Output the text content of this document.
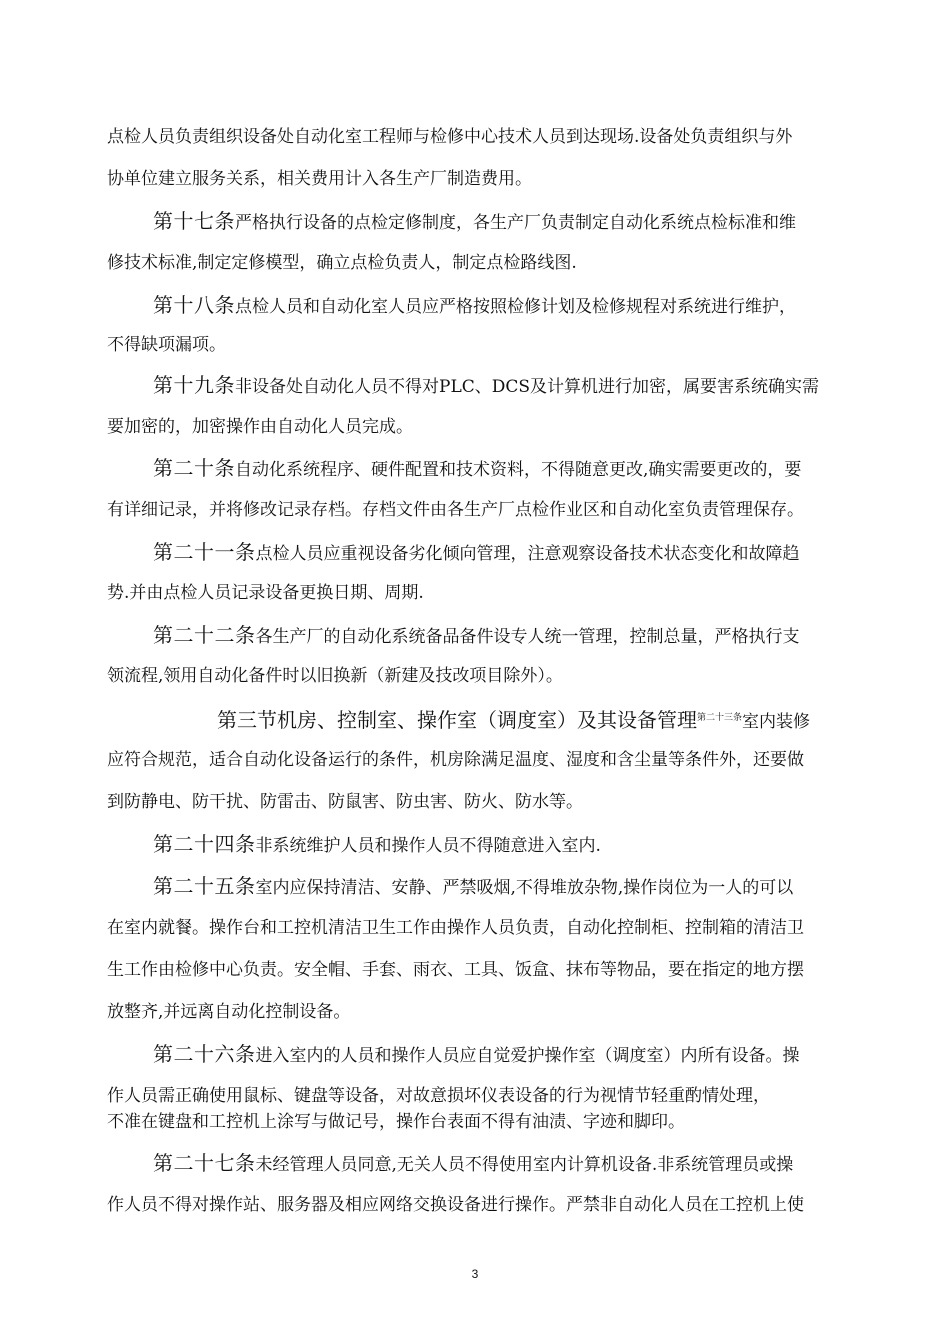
点检人员负责组织设备处自动化室工程师与检修中心技术人员到达现场.设备处负责组织与外
协单位建立服务关系，相关费用计入各生产厂制造费用。
第十七条严格执行设备的点检定修制度，各生产厂负责制定自动化系统点检标准和维
修技术标准,制定定修模型，确立点检负责人，制定点检路线图.
第十八条点检人员和自动化室人员应严格按照检修计划及检修规程对系统进行维护，
不得缺项漏项。
第十九条非设备处自动化人员不得对PLC、DCS及计算机进行加密，属要害系统确实需
要加密的，加密操作由自动化人员完成。
第二十条自动化系统程序、硬件配置和技术资料，不得随意更改,确实需要更改的，要
有详细记录，并将修改记录存档。存档文件由各生产厂点检作业区和自动化室负责管理保存。
第二十一条点检人员应重视设备劣化倾向管理，注意观察设备技术状态变化和故障趋
势.并由点检人员记录设备更换日期、周期.
第二十二条各生产厂的自动化系统备品备件设专人统一管理，控制总量，严格执行支
领流程,领用自动化备件时以旧换新（新建及技改项目除外）。
第三节机房、控制室、操作室（调度室）及其设备管理$^{第二十三条}$室内装修
应符合规范，适合自动化设备运行的条件，机房除满足温度、湿度和含尘量等条件外，还要做
到防静电、防干扰、防雷击、防鼠害、防虫害、防火、防水等。
第二十四条非系统维护人员和操作人员不得随意进入室内.
第二十五条室内应保持清洁、安静、严禁吸烟,不得堆放杂物,操作岗位为一人的可以
在室内就餐。操作台和工控机清洁卫生工作由操作人员负责，自动化控制柜、控制箱的清洁卫
生工作由检修中心负责。安全帽、手套、雨衣、工具、饭盒、抹布等物品，要在指定的地方摆
放整齐,并远离自动化控制设备。
第二十六条进入室内的人员和操作人员应自觉爱护操作室（调度室）内所有设备。操
作人员需正确使用鼠标、键盘等设备，对故意损坏仪表设备的行为视情节轻重酌情处理，
不准在键盘和工控机上涂写与做记号，操作台表面不得有油渍、字迹和脚印。
第二十七条未经管理人员同意,无关人员不得使用室内计算机设备.非系统管理员或操
作人员不得对操作站、服务器及相应网络交换设备进行操作。严禁非自动化人员在工控机上使
3
